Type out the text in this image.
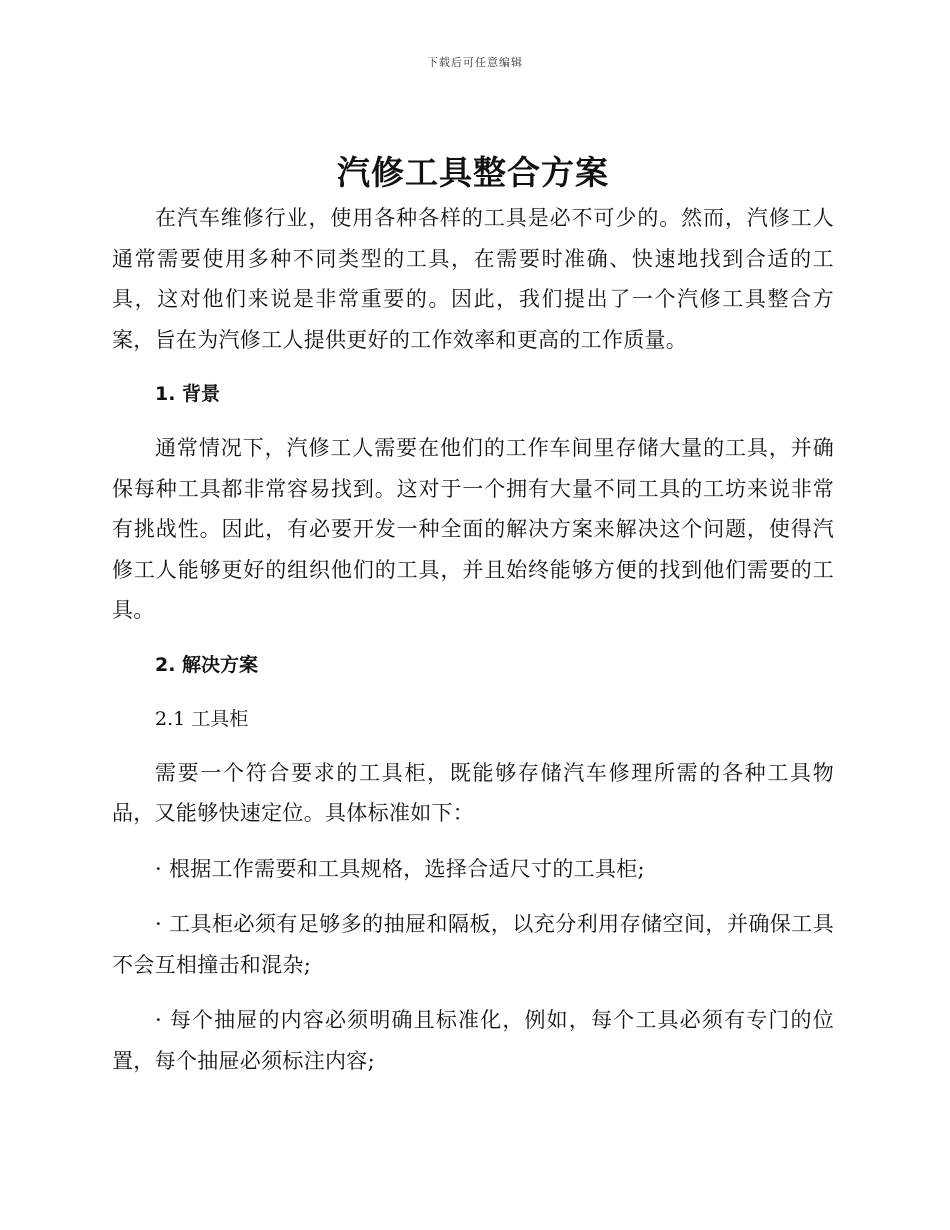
下载后可任意编辑
汽修工具整合方案

在汽车维修行业，使用各种各样的工具是必不可少的。然而，汽修工人通常需要使用多种不同类型的工具，在需要时准确、快速地找到合适的工具，这对他们来说是非常重要的。因此，我们提出了一个汽修工具整合方案，旨在为汽修工人提供更好的工作效率和更高的工作质量。

1. 背景

通常情况下，汽修工人需要在他们的工作车间里存储大量的工具，并确保每种工具都非常容易找到。这对于一个拥有大量不同工具的工坊来说非常有挑战性。因此，有必要开发一种全面的解决方案来解决这个问题，使得汽修工人能够更好的组织他们的工具，并且始终能够方便的找到他们需要的工具。

2. 解决方案
2.1 工具柜

需要一个符合要求的工具柜，既能够存储汽车修理所需的各种工具物品，又能够快速定位。具体标准如下：

· 根据工作需要和工具规格，选择合适尺寸的工具柜;

· 工具柜必须有足够多的抽屉和隔板，以充分利用存储空间，并确保工具不会互相撞击和混杂;

· 每个抽屉的内容必须明确且标准化，例如，每个工具必须有专门的位置，每个抽屉必须标注内容;
